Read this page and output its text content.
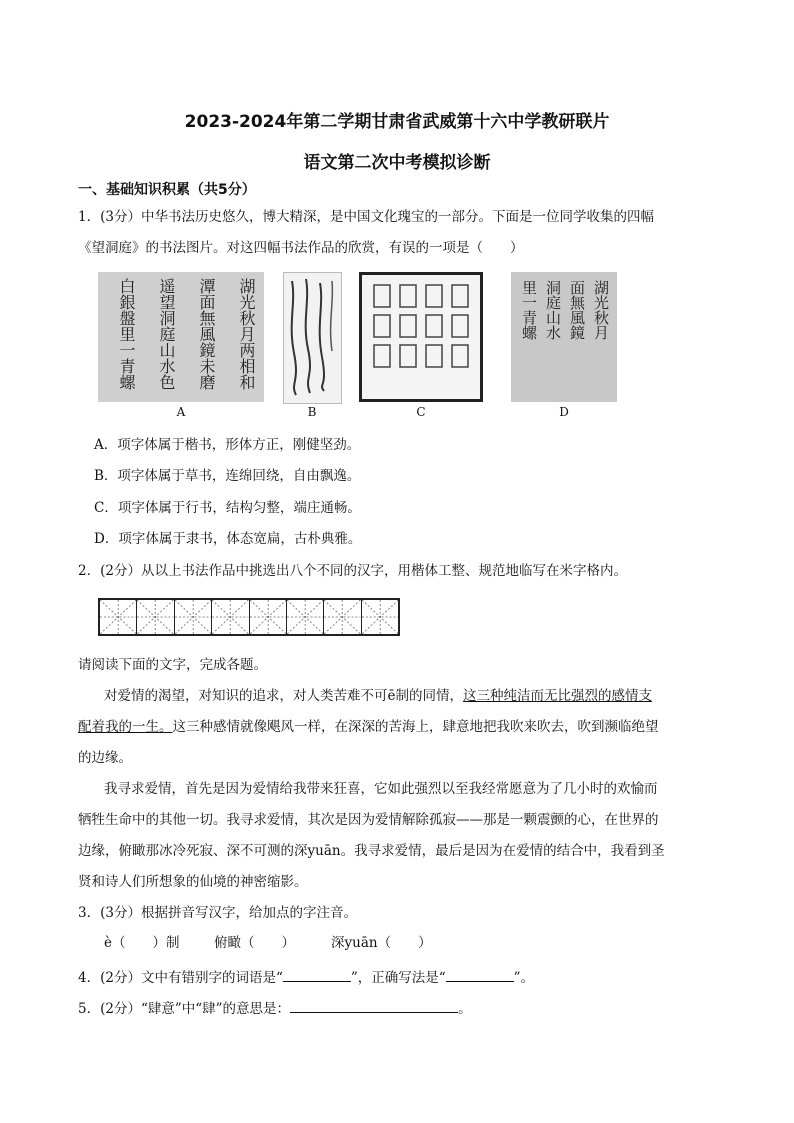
2023-2024年第二学期甘肃省武威第十六中学教研联片
语文第二次中考模拟诊断
一、基础知识积累（共5分）
1．(3分）中华书法历史悠久，博大精深，是中国文化瑰宝的一部分。下面是一位同学收集的四幅
《望洞庭》的书法图片。对这四幅书法作品的欣赏，有误的一项是（　　）
湖光秋月两相和
潭面無風鏡未磨
遥望洞庭山水色
白銀盤里一青螺	湖光秋月
面無風鏡
洞庭山水
里一青螺
A	B	C	D
A．项字体属于楷书，形体方正，刚健坚劲。
B．项字体属于草书，连绵回绕，自由飘逸。
C．项字体属于行书，结构匀整，端庄通畅。
D．项字体属于隶书，体态宽扁，古朴典雅。
2．(2分）从以上书法作品中挑选出八个不同的汉字，用楷体工整、规范地临写在米字格内。
请阅读下面的文字，完成各题。
对爱情的渴望，对知识的追求，对人类苦难不可ē制的同情，这三种纯洁而无比强烈的感情支
配着我的一生。这三种感情就像飓风一样，在深深的苦海上，肆意地把我吹来吹去，吹到濒临绝望
的边缘。
我寻求爱情，首先是因为爱情给我带来狂喜，它如此强烈以至我经常愿意为了几小时的欢愉而
牺牲生命中的其他一切。我寻求爱情，其次是因为爱情解除孤寂——那是一颗震颤的心，在世界的
边缘，俯瞰那冰冷死寂、深不可测的深yuān。我寻求爱情，最后是因为在爱情的结合中，我看到圣
贤和诗人们所想象的仙境的神密缩影。
3．(3分）根据拼音写汉字，给加点的字注音。
è（　　）制	俯瞰（　　）	深yuān（　　）
4．(2分）文中有错别字的词语是“	”，正确写法是“	”。
5．(2分）“肆意”中“肆”的意思是：	。
